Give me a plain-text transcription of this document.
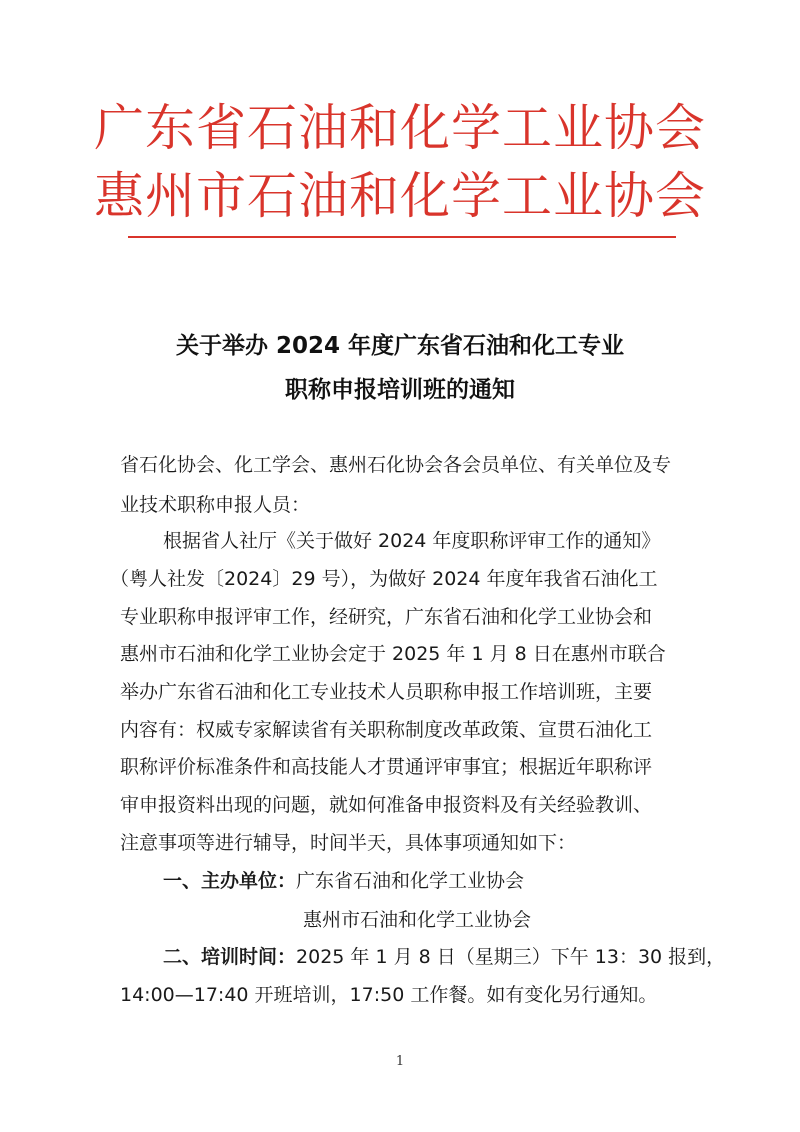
广东省石油和化学工业协会
惠州市石油和化学工业协会
关于举办 2024 年度广东省石油和化工专业
职称申报培训班的通知
省石化协会、化工学会、惠州石化协会各会员单位、有关单位及专
业技术职称申报人员：
根据省人社厅《关于做好 2024 年度职称评审工作的通知》
（粤人社发〔2024〕29 号），为做好 2024 年度年我省石油化工
专业职称申报评审工作，经研究，广东省石油和化学工业协会和
惠州市石油和化学工业协会定于 2025 年 1 月 8 日在惠州市联合
举办广东省石油和化工专业技术人员职称申报工作培训班，主要
内容有：权威专家解读省有关职称制度改革政策、宣贯石油化工
职称评价标准条件和高技能人才贯通评审事宜；根据近年职称评
审申报资料出现的问题，就如何准备申报资料及有关经验教训、
注意事项等进行辅导，时间半天，具体事项通知如下：
一、主办单位：广东省石油和化学工业协会
惠州市石油和化学工业协会
二、培训时间：2025 年 1 月 8 日（星期三）下午 13：30 报到，
14:00—17:40 开班培训，17:50 工作餐。如有变化另行通知。
1
